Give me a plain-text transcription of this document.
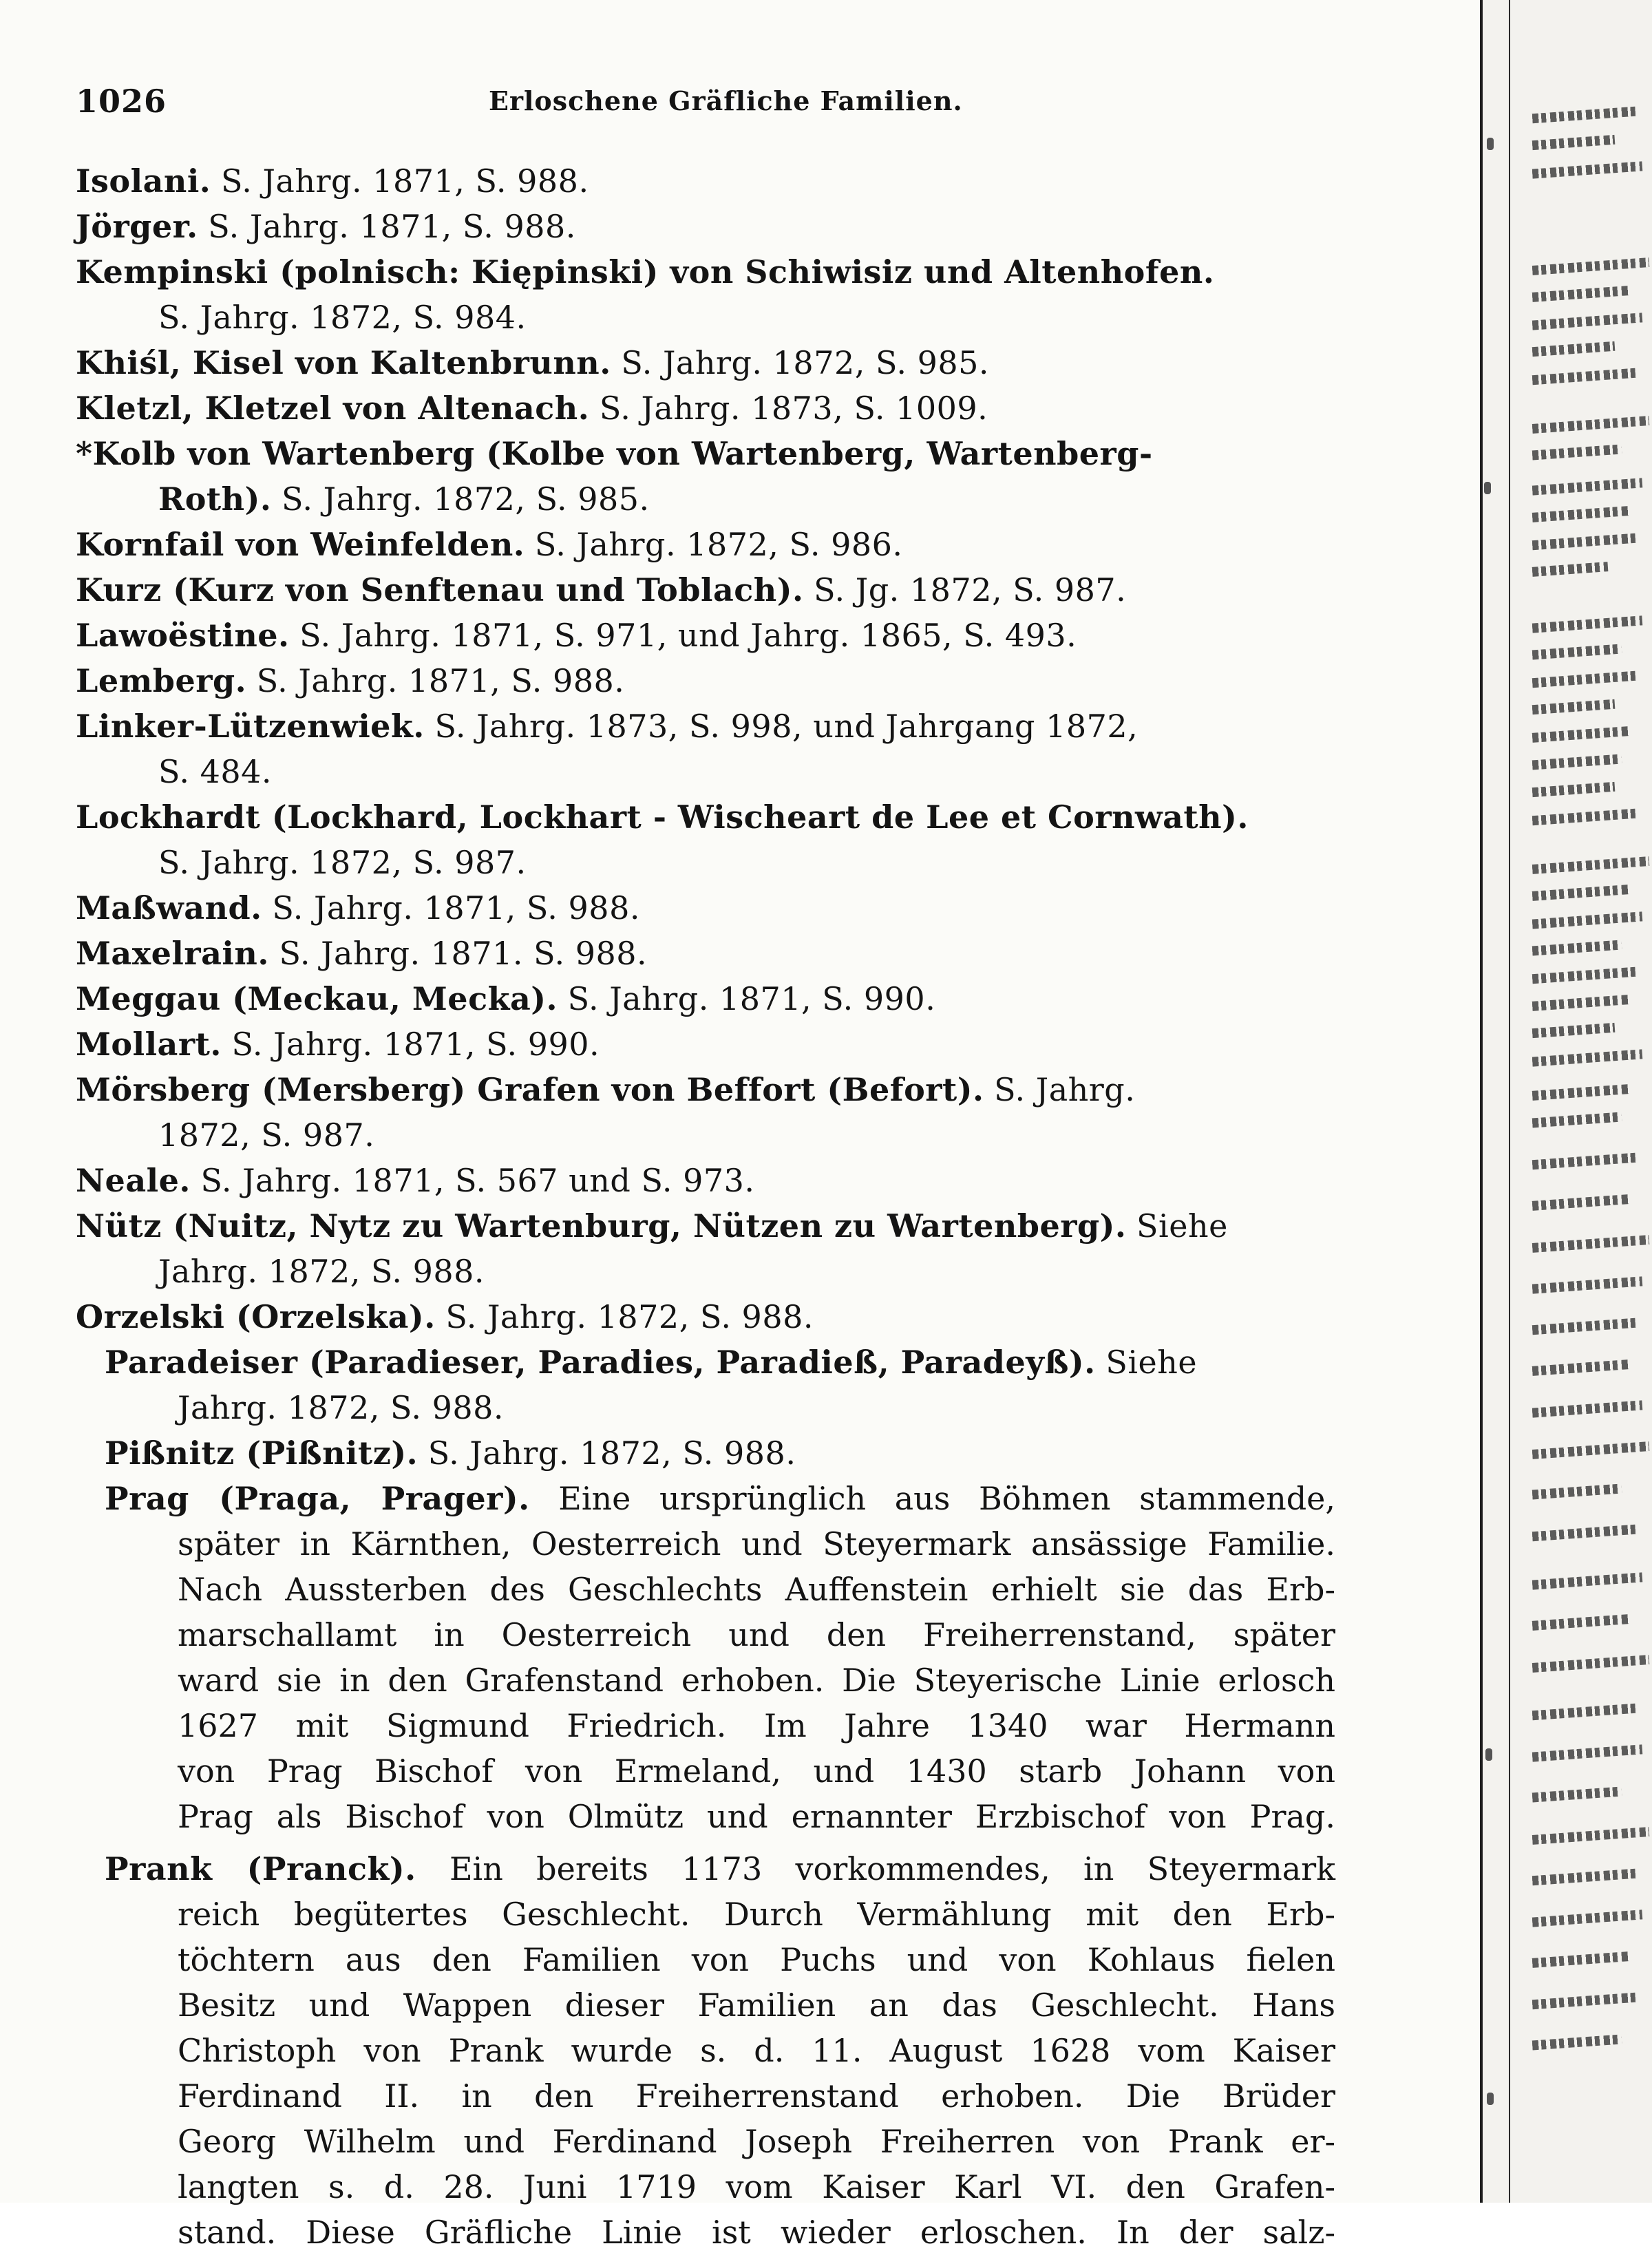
1026	Erloschene Gräfliche Familien.
Isolani. S. Jahrg. 1871, S. 988.
Jörger. S. Jahrg. 1871, S. 988.
Kempinski (polnisch: Kiępinski) von Schiwisiz und Altenhofen.
S. Jahrg. 1872, S. 984.
Khiśl, Kisel von Kaltenbrunn. S. Jahrg. 1872, S. 985.
Kletzl, Kletzel von Altenach. S. Jahrg. 1873, S. 1009.
*Kolb von Wartenberg (Kolbe von Wartenberg, Wartenberg-
Roth). S. Jahrg. 1872, S. 985.
Kornfail von Weinfelden. S. Jahrg. 1872, S. 986.
Kurz (Kurz von Senftenau und Toblach). S. Jg. 1872, S. 987.
Lawoëstine. S. Jahrg. 1871, S. 971, und Jahrg. 1865, S. 493.
Lemberg. S. Jahrg. 1871, S. 988.
Linker-Lützenwiek. S. Jahrg. 1873, S. 998, und Jahrgang 1872,
S. 484.
Lockhardt (Lockhard, Lockhart - Wischeart de Lee et Cornwath).
S. Jahrg. 1872, S. 987.
Maßwand. S. Jahrg. 1871, S. 988.
Maxelrain. S. Jahrg. 1871. S. 988.
Meggau (Meckau, Mecka). S. Jahrg. 1871, S. 990.
Mollart. S. Jahrg. 1871, S. 990.
Mörsberg (Mersberg) Grafen von Beffort (Befort). S. Jahrg.
1872, S. 987.
Neale. S. Jahrg. 1871, S. 567 und S. 973.
Nütz (Nuitz, Nytz zu Wartenburg, Nützen zu Wartenberg). Siehe
Jahrg. 1872, S. 988.
Orzelski (Orzelska). S. Jahrg. 1872, S. 988.
Paradeiser (Paradieser, Paradies, Paradieß, Paradeyß). Siehe
Jahrg. 1872, S. 988.
Pißnitz (Pißnitz). S. Jahrg. 1872, S. 988.
Prag (Praga, Prager). Eine ursprünglich aus Böhmen stammende,
später in Kärnthen, Oesterreich und Steyermark ansässige Familie.
Nach Aussterben des Geschlechts Auffenstein erhielt sie das Erb-
marschallamt in Oesterreich und den Freiherrenstand, später
ward sie in den Grafenstand erhoben. Die Steyerische Linie erlosch
1627 mit Sigmund Friedrich. Im Jahre 1340 war Hermann
von Prag Bischof von Ermeland, und 1430 starb Johann von
Prag als Bischof von Olmütz und ernannter Erzbischof von Prag.
Prank (Pranck). Ein bereits 1173 vorkommendes, in Steyermark
reich begütertes Geschlecht. Durch Vermählung mit den Erb-
töchtern aus den Familien von Puchs und von Kohlaus fielen
Besitz und Wappen dieser Familien an das Geschlecht. Hans
Christoph von Prank wurde s. d. 11. August 1628 vom Kaiser
Ferdinand II. in den Freiherrenstand erhoben. Die Brüder
Georg Wilhelm und Ferdinand Joseph Freiherren von Prank er-
langten s. d. 28. Juni 1719 vom Kaiser Karl VI. den Grafen-
stand. Diese Gräfliche Linie ist wieder erloschen. In der salz-
